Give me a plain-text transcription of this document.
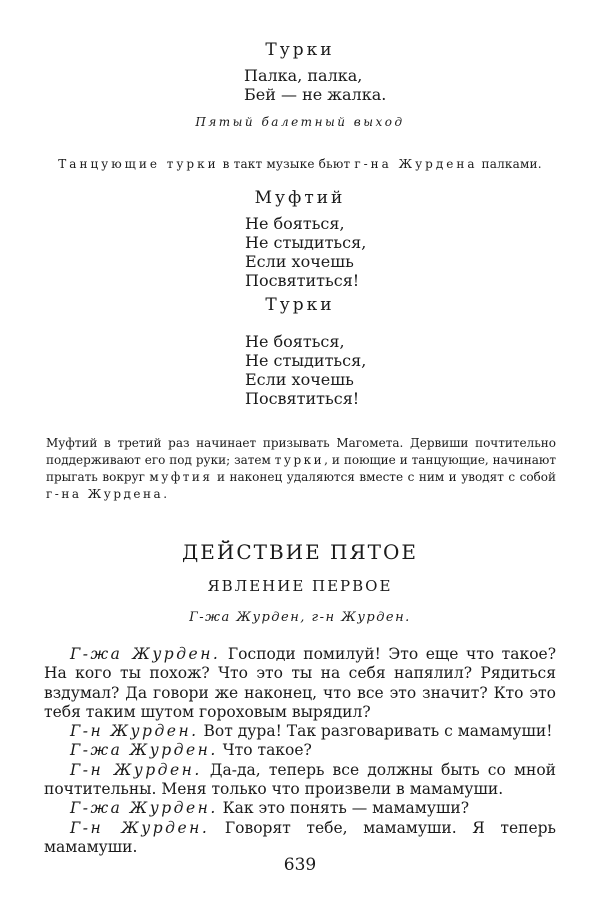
Турки
Палка, палка,
Бей — не жалка.
Пятый балетный выход
Танцующие турки в такт музыке бьют г-на Журдена палками.
Муфтий
Не бояться,
Не стыдиться,
Если хочешь
Посвятиться!
Турки
Не бояться,
Не стыдиться,
Если хочешь
Посвятиться!
Муфтий в третий раз начинает призывать Магомета. Дервиши почтительно поддерживают его под руки; затем турки, и поющие и танцующие, начинают прыгать вокруг муфтия и наконец удаляются вместе с ним и уводят с собой г-на Журдена.
ДЕЙСТВИЕ ПЯТОЕ
ЯВЛЕНИЕ ПЕРВОЕ
Г-жа Журден, г-н Журден.

Г-жа Журден. Господи помилуй! Это еще что такое? На кого ты похож? Что это ты на себя напялил? Рядиться вздумал? Да говори же наконец, что все это значит? Кто это тебя таким шутом гороховым вырядил?

Г-н Журден. Вот дура! Так разговаривать с мамамуши!

Г-жа Журден. Что такое?

Г-н Журден. Да-да, теперь все должны быть со мной почтительны. Меня только что произвели в мамамуши.

Г-жа Журден. Как это понять — мамамуши?

Г-н Журден. Говорят тебе, мамамуши. Я теперь мамамуши.

639
